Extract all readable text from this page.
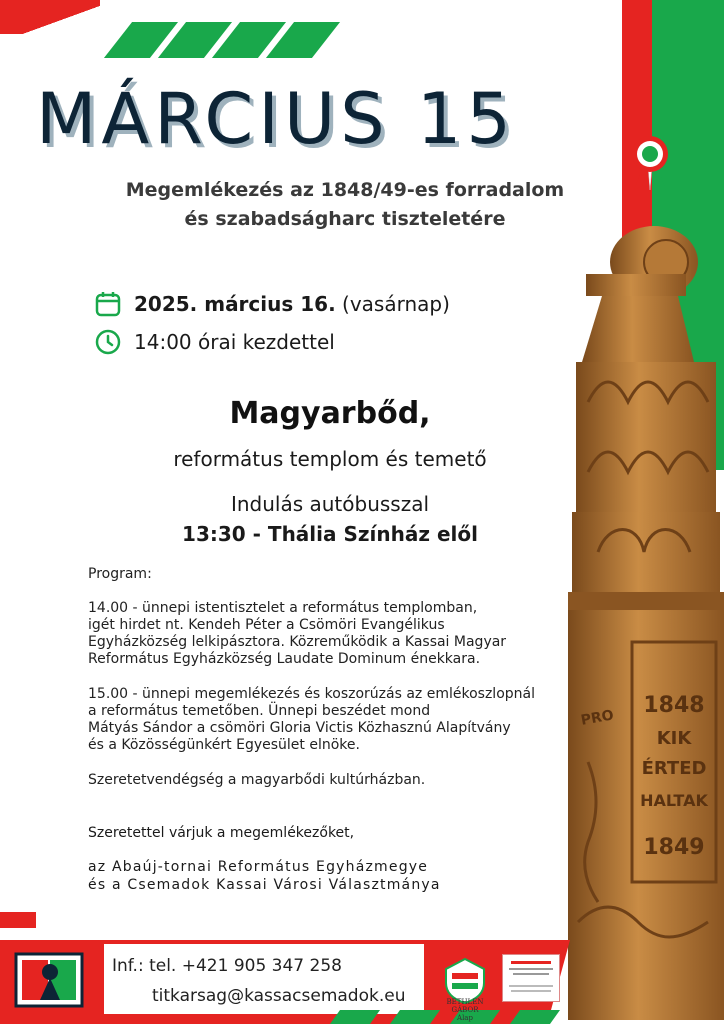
MÁRCIUS 15
Megemlékezés az 1848/49-es forradalom
és szabadságharc tiszteletére
2025. március 16. (vasárnap)
14:00 órai kezdettel
Magyarbőd,
református templom és temető
Indulás autóbusszal
13:30 - Thália Színház elől
Program:

14.00 - ünnepi istentisztelet a református templomban,

igét hirdet nt. Kendeh Péter a Csömöri Evangélikus

Egyházközség lelkipásztora. Közreműködik a Kassai Magyar

Református Egyházközség Laudate Dominum énekkara.

15.00 - ünnepi megemlékezés és koszorúzás az emlékoszlopnál

a református temetőben. Ünnepi beszédet mond

Mátyás Sándor a csömöri Gloria Victis Közhasznú Alapítvány

és a Közösségünkért Egyesület elnöke.

Szeretetvendégség a magyarbődi kultúrházban.
Szeretettel várjuk a megemlékezőket,
az Abaúj-tornai Református Egyházmegye
és a Csemadok Kassai Városi Választmánya
1848
KIK
ÉRTED
HALTAK
1849
PRO
Inf.: tel. +421 905 347 258
titkarsag@kassacsemadok.eu	BETHLEN GÁBOR
Alap
